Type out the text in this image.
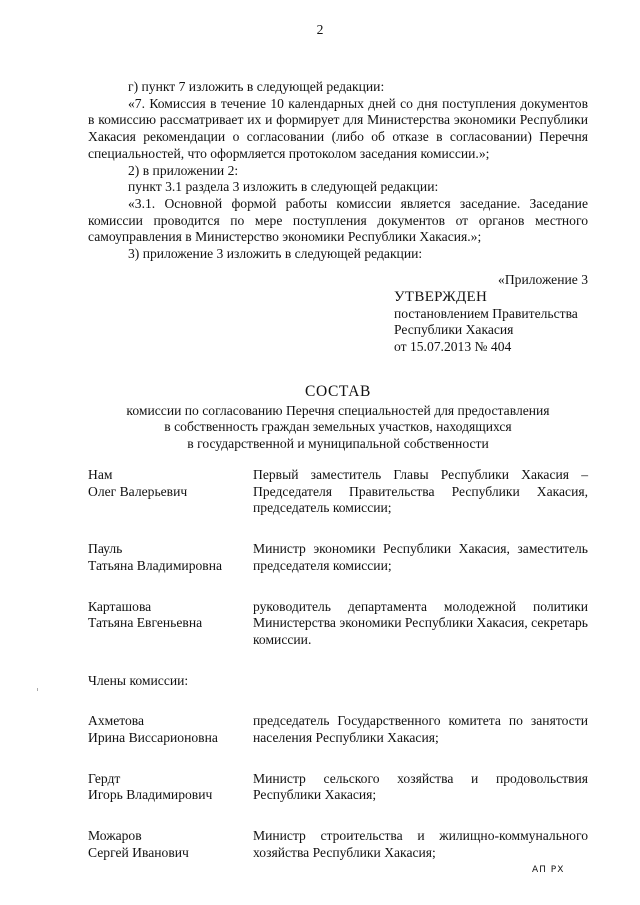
2

г) пункт 7 изложить в следующей редакции:

«7. Комиссия в течение 10 календарных дней со дня поступления документов в комиссию рассматривает их и формирует для Министерства экономики Республики Хакасия рекомендации о согласовании (либо об отказе в согласовании) Перечня специальностей, что оформляется протоколом заседания комиссии.»;

2) в приложении 2:

пункт 3.1 раздела 3 изложить в следующей редакции:

«3.1. Основной формой работы комиссии является заседание. Заседание комиссии проводится по мере поступления документов от органов местного самоуправления в Министерство экономики Республики Хакасия.»;

3) приложение 3 изложить в следующей редакции:

«Приложение 3
УТВЕРЖДЕН
постановлением Правительства
Республики Хакасия
от 15.07.2013 № 404
СОСТАВ
комиссии по согласованию Перечня специальностей для предоставления
в собственность граждан земельных участков, находящихся
в государственной и муниципальной собственности
Нам
Олег Валерьевич
Первый заместитель Главы Республики Хакасия – Председателя Правительства Республики Хакасия, председатель комиссии;
Пауль
Татьяна Владимировна
Министр экономики Республики Хакасия, заместитель председателя комиссии;
Карташова
Татьяна Евгеньевна
руководитель департамента молодежной политики Министерства экономики Республики Хакасия, секретарь комиссии.

Члены комиссии:

Ахметова
Ирина Виссарионовна
председатель Государственного комитета по занятости населения Республики Хакасия;
Гердт
Игорь Владимирович
Министр сельского хозяйства и продовольствия Республики Хакасия;
Можаров
Сергей Иванович
Министр строительства и жилищно-коммунального хозяйства Республики Хакасия;
АП РХ
